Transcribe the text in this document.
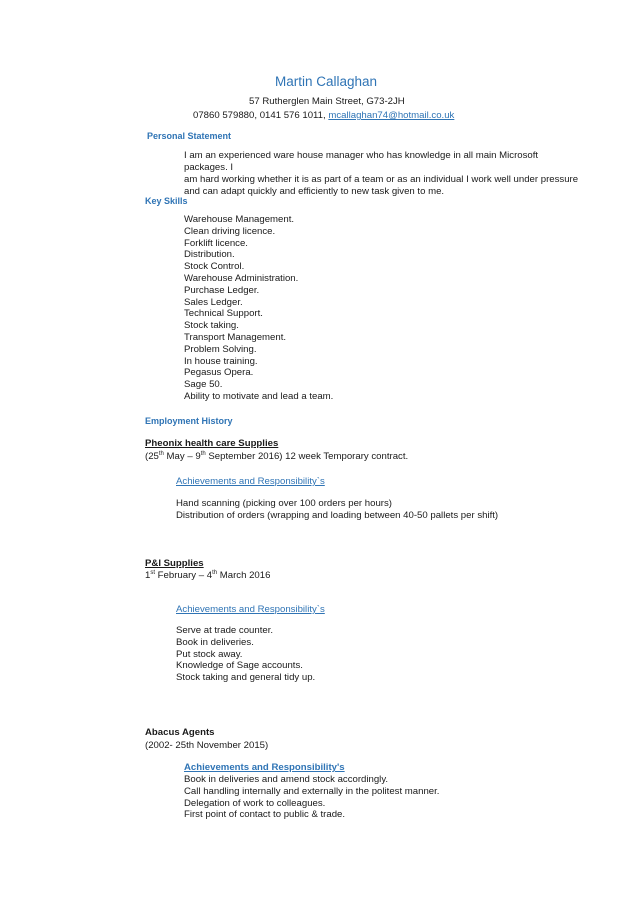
Martin Callaghan
57 Rutherglen Main Street, G73-2JH
07860 579880, 0141 576 1011, mcallaghan74@hotmail.co.uk
Personal Statement
I am an experienced ware house manager who has knowledge in all main Microsoft packages. I
am hard working whether it is as part of a team or as an individual I work well under pressure
and can adapt quickly and efficiently to new task given to me.
Key Skills
Warehouse Management.
Clean driving licence.
Forklift licence.
Distribution.
Stock Control.
Warehouse Administration.
Purchase Ledger.
Sales Ledger.
Technical Support.
Stock taking.
Transport Management.
Problem Solving.
In house training.
Pegasus Opera.
Sage 50.
Ability to motivate and lead a team.
Employment History
Pheonix health care Supplies
(25th May – 9th September 2016) 12 week Temporary contract.
Achievements and Responsibility`s
Hand scanning (picking over 100 orders per hours)
Distribution of orders (wrapping and loading between 40-50 pallets per shift)
P&I Supplies
1st February – 4th March 2016
Achievements and Responsibility`s
Serve at trade counter.
Book in deliveries.
Put stock away.
Knowledge of Sage accounts.
Stock taking and general tidy up.
Abacus Agents
(2002- 25th November 2015)
Achievements and Responsibility's
Book in deliveries and amend stock accordingly.
Call handling internally and externally in the politest manner.
Delegation of work to colleagues.
First point of contact to public & trade.
